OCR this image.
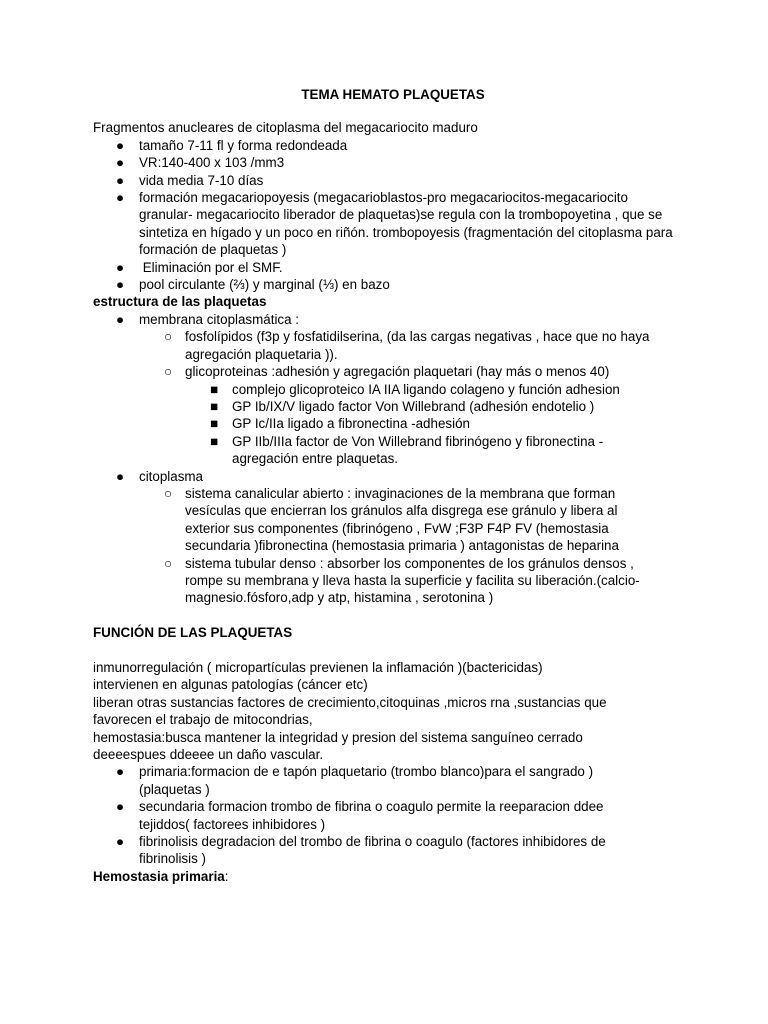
TEMA HEMATO PLAQUETAS

Fragmentos anucleares de citoplasma del megacariocito maduro

● tamaño 7-11 fl y forma redondeada
● VR:140-400 x 103 /mm3
● vida media 7-10 días
● formación megacariopoyesis (megacarioblastos-pro megacariocitos-megacariocito granular- megacariocito liberador de plaquetas)se regula con la trombopoyetina , que se sintetiza en hígado y un poco en riñón. trombopoyesis (fragmentación del citoplasma para formación de plaquetas )
● Eliminación por el SMF.
● pool circulante (⅔) y marginal (⅓) en bazo

estructura de las plaquetas

● membrana citoplasmática :
○ fosfolípidos (f3p y fosfatidilserina, (da las cargas negativas , hace que no haya agregación plaquetaria )).
○ glicoproteinas :adhesión y agregación plaquetari (hay más o menos 40)
■ complejo glicoproteico IA IIA ligando colageno y función adhesion
■ GP Ib/IX/V ligado factor Von Willebrand (adhesión endotelio )
■ GP Ic/IIa ligado a fibronectina -adhesión
■ GP IIb/IIIa factor de Von Willebrand fibrinógeno y fibronectina -agregación entre plaquetas.
● citoplasma
○ sistema canalicular abierto : invaginaciones de la membrana que forman vesículas que encierran los gránulos alfa disgrega ese gránulo y libera al exterior sus componentes (fibrinógeno , FvW ;F3P F4P FV (hemostasia secundaria )fibronectina (hemostasia primaria ) antagonistas de heparina
○ sistema tubular denso : absorber los componentes de los gránulos densos , rompe su membrana y lleva hasta la superficie y facilita su liberación.(calcio-magnesio.fósforo,adp y atp, histamina , serotonina )

FUNCIÓN DE LAS PLAQUETAS

inmunorregulación ( micropartículas previenen la inflamación )(bactericidas)

intervienen en algunas patologías (cáncer etc)

liberan otras sustancias factores de crecimiento,citoquinas ,micros rna ,sustancias que favorecen el trabajo de mitocondrias,

hemostasia:busca mantener la integridad y presion del sistema sanguíneo cerrado deeeespues ddeeee un daño vascular.

● primaria:formacion de e tapón plaquetario (trombo blanco)para el sangrado ) (plaquetas )
● secundaria formacion trombo de fibrina o coagulo permite la reeparacion ddee tejiddos( factorees inhibidores )
● fibrinolisis degradacion del trombo de fibrina o coagulo (factores inhibidores de fibrinolisis )

Hemostasia primaria:
